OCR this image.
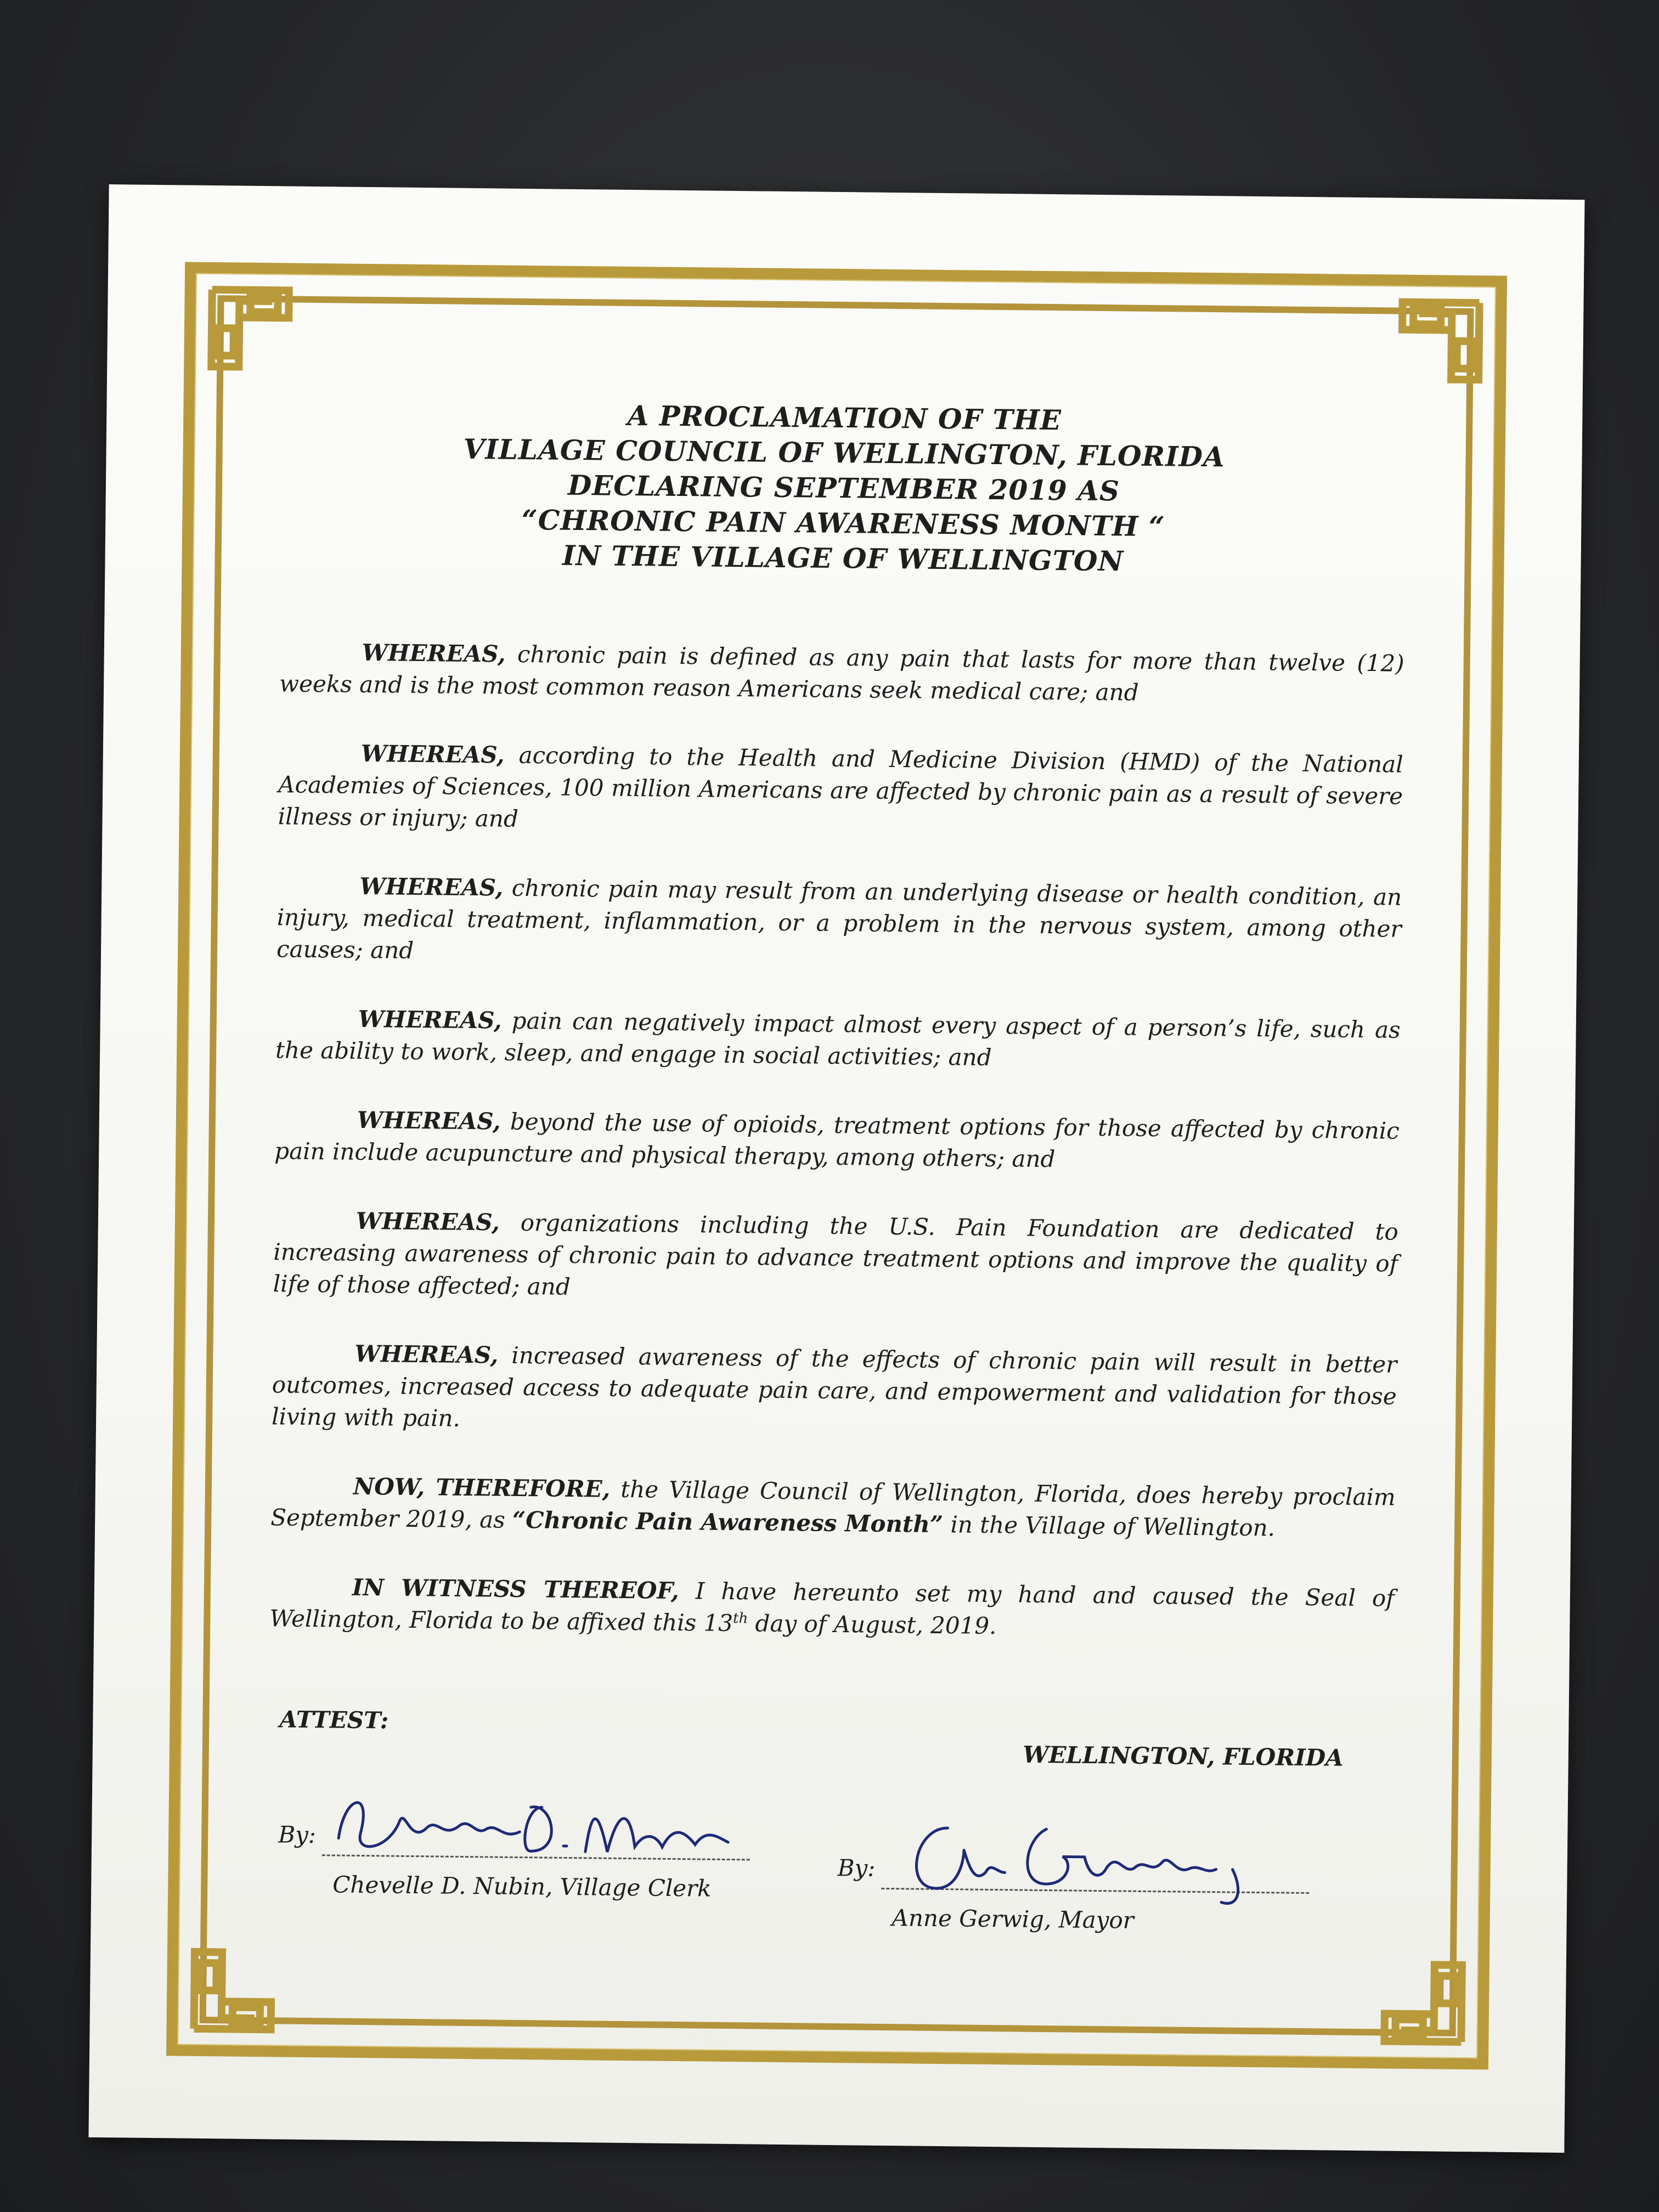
A PROCLAMATION OF THE
VILLAGE COUNCIL OF WELLINGTON, FLORIDA
DECLARING SEPTEMBER 2019 AS
“CHRONIC PAIN AWARENESS MONTH “
IN THE VILLAGE OF WELLINGTON

WHEREAS, chronic pain is defined as any pain that lasts for more than twelve (12) weeks and is the most common reason Americans seek medical care; and

WHEREAS, according to the Health and Medicine Division (HMD) of the National Academies of Sciences, 100 million Americans are affected by chronic pain as a result of severe illness or injury; and

WHEREAS, chronic pain may result from an underlying disease or health condition, an injury, medical treatment, inflammation, or a problem in the nervous system, among other causes; and

WHEREAS, pain can negatively impact almost every aspect of a person’s life, such as the ability to work, sleep, and engage in social activities; and

WHEREAS, beyond the use of opioids, treatment options for those affected by chronic pain include acupuncture and physical therapy, among others; and

WHEREAS, organizations including the U.S. Pain Foundation are dedicated to increasing awareness of chronic pain to advance treatment options and improve the quality of life of those affected; and

WHEREAS, increased awareness of the effects of chronic pain will result in better outcomes, increased access to adequate pain care, and empowerment and validation for those living with pain.

NOW, THEREFORE, the Village Council of Wellington, Florida, does hereby proclaim September 2019, as “Chronic Pain Awareness Month” in the Village of Wellington.

IN WITNESS THEREOF, I have hereunto set my hand and caused the Seal of Wellington, Florida to be affixed this 13th day of August, 2019.

ATTEST:
WELLINGTON, FLORIDA
By:
Chevelle D. Nubin, Village Clerk
By:
Anne Gerwig, Mayor
